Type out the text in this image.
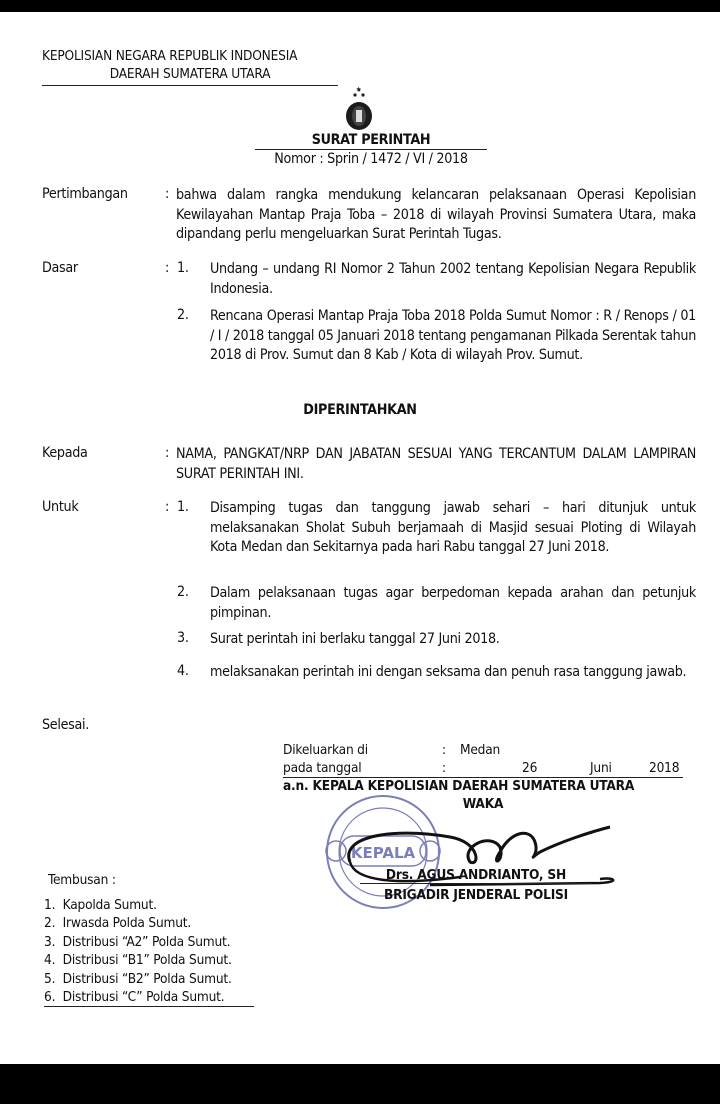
KEPOLISIAN NEGARA REPUBLIK INDONESIA
DAERAH SUMATERA UTARA
SURAT PERINTAH
Nomor : Sprin / 1472 / VI / 2018
Pertimbangan	: bahwa dalam rangka mendukung kelancaran pelaksanaan Operasi Kepolisian Kewilayahan Mantap Praja Toba – 2018 di wilayah Provinsi Sumatera Utara, maka dipandang perlu mengeluarkan Surat Perintah Tugas.
Dasar	: 1. Undang – undang RI Nomor 2 Tahun 2002 tentang Kepolisian Negara Republik Indonesia.
2. Rencana Operasi Mantap Praja Toba 2018 Polda Sumut Nomor : R / Renops / 01 / I / 2018 tanggal 05 Januari 2018 tentang pengamanan Pilkada Serentak tahun 2018 di Prov. Sumut dan 8 Kab / Kota di wilayah Prov. Sumut.
DIPERINTAHKAN
Kepada	: NAMA, PANGKAT/NRP DAN JABATAN SESUAI YANG TERCANTUM DALAM LAMPIRAN SURAT PERINTAH INI.
Untuk	: 1. Disamping tugas dan tanggung jawab sehari – hari ditunjuk untuk melaksanakan Sholat Subuh berjamaah di Masjid sesuai Ploting di Wilayah Kota Medan dan Sekitarnya pada hari Rabu tanggal 27 Juni 2018.
2. Dalam pelaksanaan tugas agar berpedoman kepada arahan dan petunjuk pimpinan.
3. Surat perintah ini berlaku tanggal 27 Juni 2018.
4. melaksanakan perintah ini dengan seksama dan penuh rasa tanggung jawab.
Selesai.
Dikeluarkan di	: Medan
pada tanggal	:	26	Juni	2018
KEPALA
a.n. KEPALA KEPOLISIAN DAERAH SUMATERA UTARA
WAKA
Drs. AGUS ANDRIANTO, SH
BRIGADIR JENDERAL POLISI
Tembusan :
1.  Kapolda Sumut.
2.  Irwasda Polda Sumut.
3.  Distribusi “A2” Polda Sumut.
4.  Distribusi “B1” Polda Sumut.
5.  Distribusi “B2” Polda Sumut.
6.  Distribusi “C” Polda Sumut.
